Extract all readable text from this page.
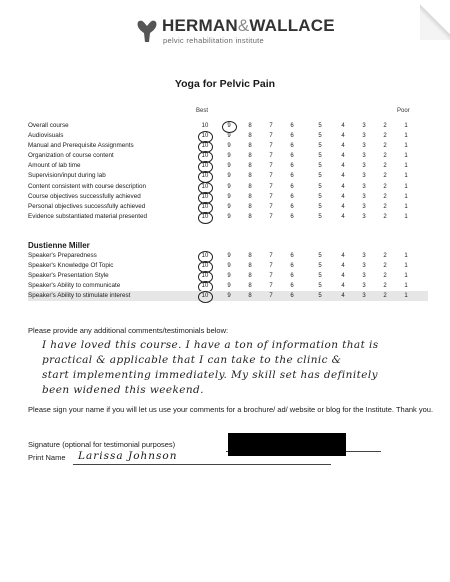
HERMAN&WALLACE
pelvic rehabilitation institute
Yoga for Pelvic Pain
Best	Poor
Overall course	10	9	8	7	6	5	4	3	2	1
Audiovisuals	10	9	8	7	6	5	4	3	2	1
Manual and Prerequisite Assignments	10	9	8	7	6	5	4	3	2	1
Organization of course content	10	9	8	7	6	5	4	3	2	1
Amount of lab time	10	9	8	7	6	5	4	3	2	1
Supervision/input during lab	10	9	8	7	6	5	4	3	2	1
Content consistent with course description	10	9	8	7	6	5	4	3	2	1
Course objectives successfully achieved	10	9	8	7	6	5	4	3	2	1
Personal objectives successfully achieved	10	9	8	7	6	5	4	3	2	1
Evidence substantiated material presented	10	9	8	7	6	5	4	3	2	1
Dustienne Miller
Speaker's Preparedness	10	9	8	7	6	5	4	3	2	1
Speaker's Knowledge Of Topic	10	9	8	7	6	5	4	3	2	1
Speaker's Presentation Style	10	9	8	7	6	5	4	3	2	1
Speaker's Ability to communicate	10	9	8	7	6	5	4	3	2	1
Speaker's Ability to stimulate interest	10	9	8	7	6	5	4	3	2	1
Please provide any additional comments/testimonials below:
I have loved this course. I have a ton of information that is
practical & applicable that I can take to the clinic &
start implementing immediately. My skill set has definitely
been widened this weekend.
Please sign your name if you will let us use your comments for a brochure/ ad/ website or blog for the Institute. Thank you.
Signature (optional for testimonial purposes)
Print Name Larissa Johnson
